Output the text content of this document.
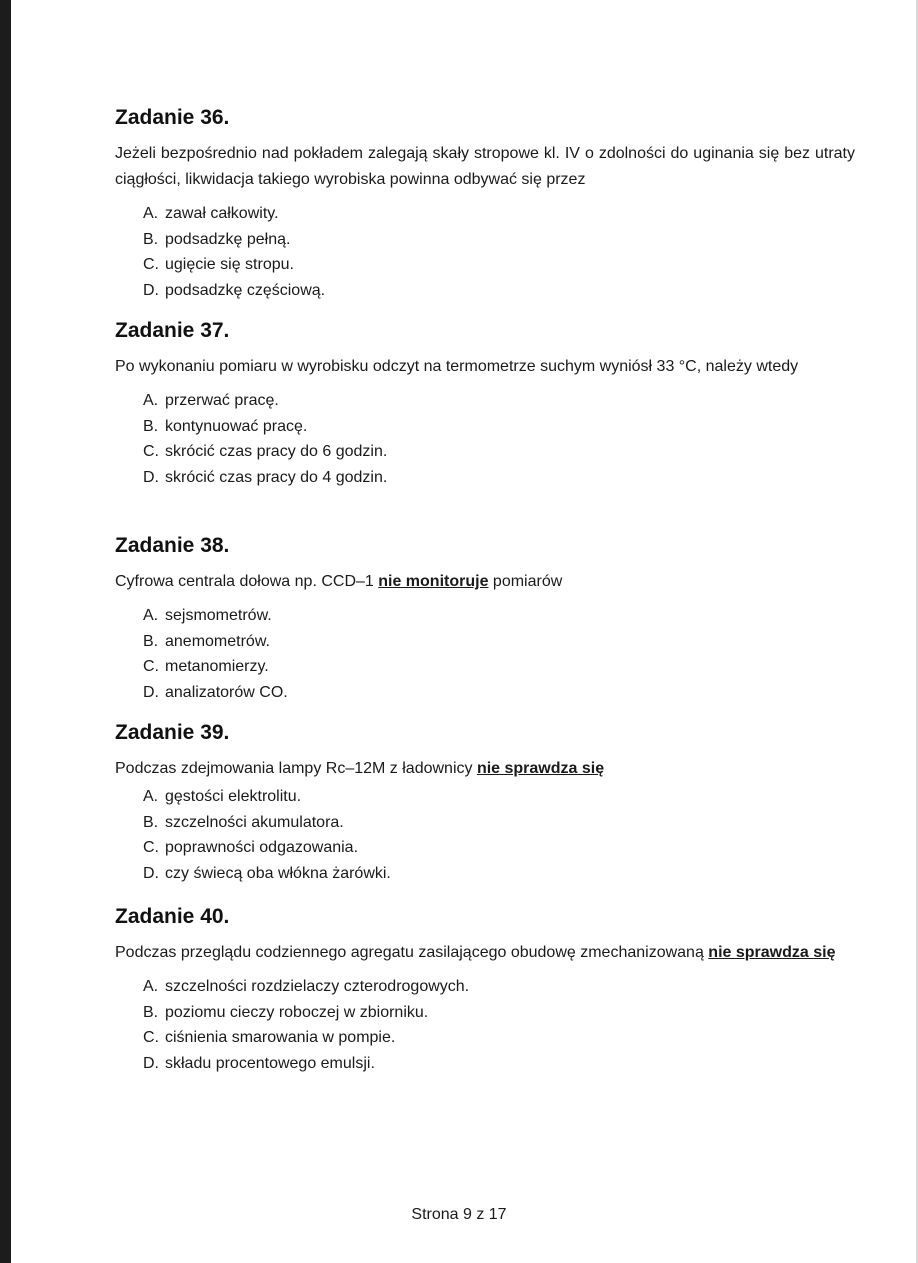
Zadanie 36.

Jeżeli bezpośrednio nad pokładem zalegają skały stropowe kl. IV o zdolności do uginania się bez utraty ciągłości, likwidacja takiego wyrobiska powinna odbywać się przez

A. zawał całkowity.
B. podsadzkę pełną.
C. ugięcie się stropu.
D. podsadzkę częściową.
Zadanie 37.

Po wykonaniu pomiaru w wyrobisku odczyt na termometrze suchym wyniósł 33 °C, należy wtedy

A. przerwać pracę.
B. kontynuować pracę.
C. skrócić czas pracy do 6 godzin.
D. skrócić czas pracy do 4 godzin.
Zadanie 38.

Cyfrowa centrala dołowa np. CCD–1 nie monitoruje pomiarów

A. sejsmometrów.
B. anemometrów.
C. metanomierzy.
D. analizatorów CO.
Zadanie 39.

Podczas zdejmowania lampy Rc–12M z ładownicy nie sprawdza się

A. gęstości elektrolitu.
B. szczelności akumulatora.
C. poprawności odgazowania.
D. czy świecą oba włókna żarówki.
Zadanie 40.

Podczas przeglądu codziennego agregatu zasilającego obudowę zmechanizowaną nie sprawdza się

A. szczelności rozdzielaczy czterodrogowych.
B. poziomu cieczy roboczej w zbiorniku.
C. ciśnienia smarowania w pompie.
D. składu procentowego emulsji.
Strona 9 z 17
